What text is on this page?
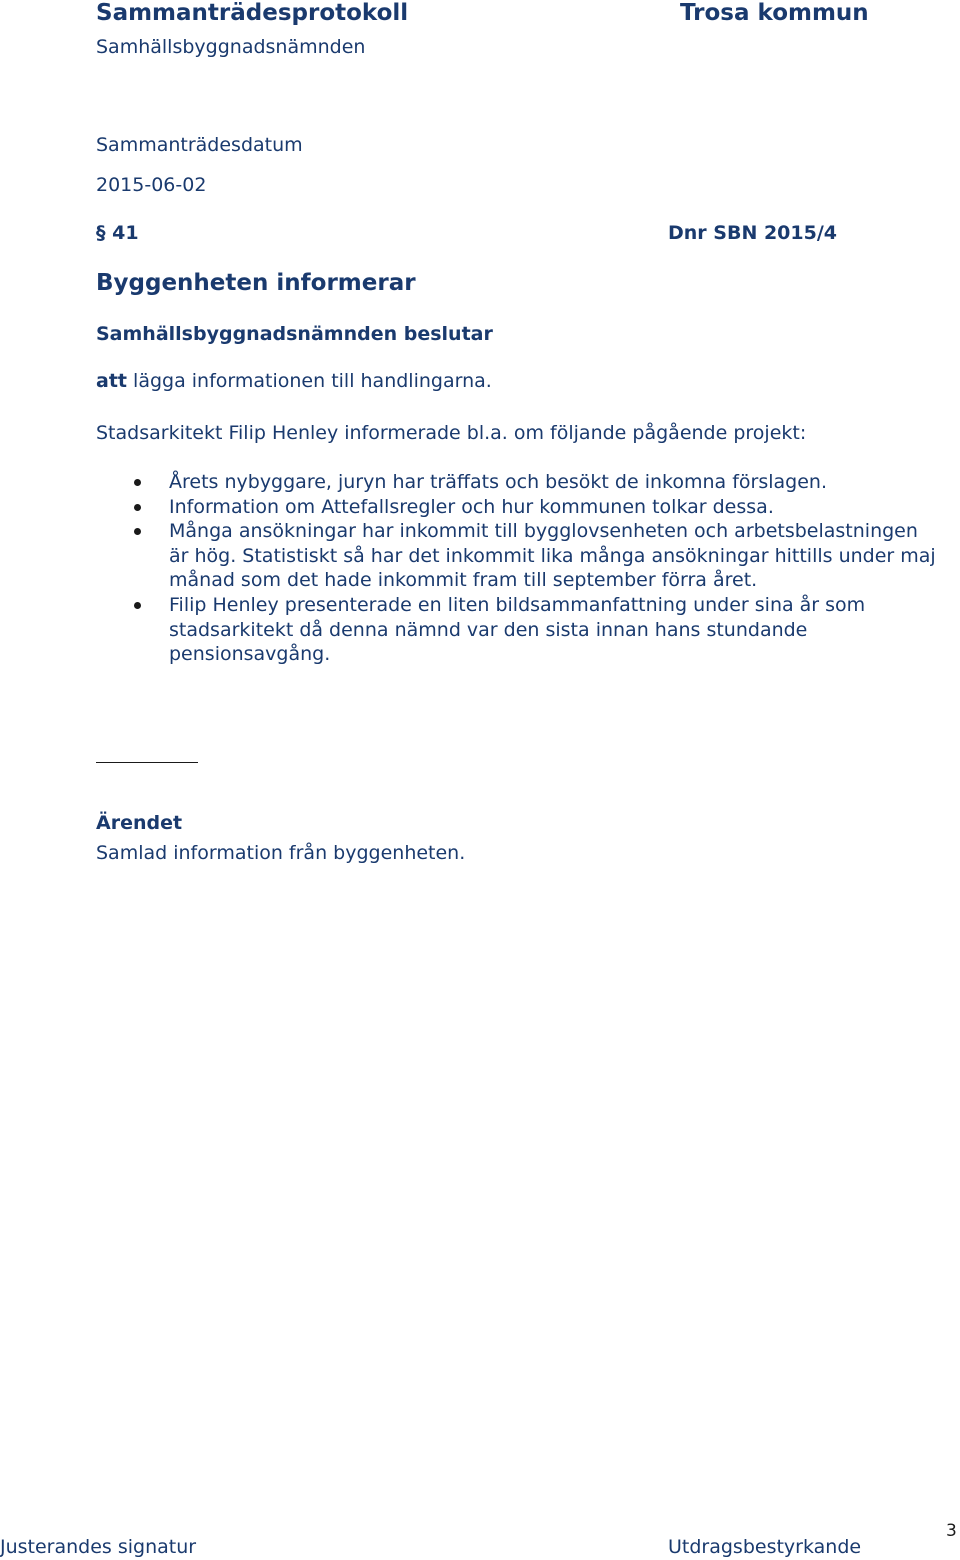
Sammanträdesprotokoll	Trosa kommun
Samhällsbyggnadsnämnden
Sammanträdesdatum
2015-06-02
§ 41	Dnr SBN 2015/4
Byggenheten informerar
Samhällsbyggnadsnämnden beslutar
att lägga informationen till handlingarna.
Stadsarkitekt Filip Henley informerade bl.a. om följande pågående projekt:
Årets nybyggare, juryn har träffats och besökt de inkomna förslagen.
Information om Attefallsregler och hur kommunen tolkar dessa.
Många ansökningar har inkommit till bygglovsenheten och arbetsbelastningen är hög. Statistiskt så har det inkommit lika många ansökningar hittills under maj månad som det hade inkommit fram till september förra året.
Filip Henley presenterade en liten bildsammanfattning under sina år som stadsarkitekt då denna nämnd var den sista innan hans stundande pensionsavgång.
Ärendet
Samlad information från byggenheten.
Justerandes signatur	Utdragsbestyrkande
3
